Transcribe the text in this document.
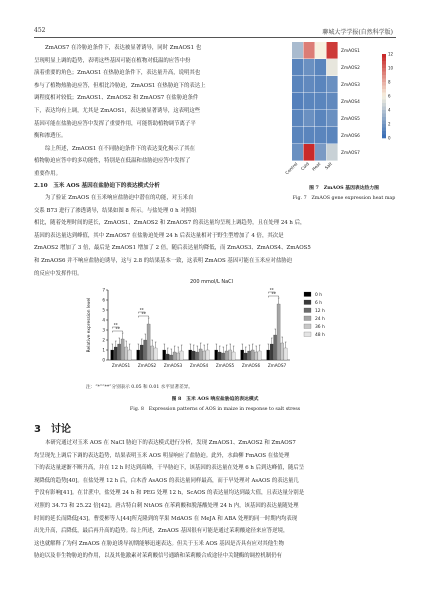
452	聊城大学学报(自然科学版)
ZmAOS7 在冷胁迫条件下，表达被显著诱导，同时 ZmAOS1 也
呈现明显上调的趋势，表明这些基因可能在植物对低温的应答中扮
演着重要的角色；ZmAOS1 在热胁迫条件下，表达量升高，说明其也
参与了植物热胁迫应答，但相比冷胁迫，ZmAOS1 在热胁迫下的表达上
调程度相对较低；ZmAOS1、ZmAOS2 和 ZmAOS7 在盐胁迫条件
下，表达均有上调，尤其是 ZmAOS1，表达被显著诱导，这表明这些
基因可能在盐胁迫应答中发挥了重要作用，可能帮助植物调节离子平
衡和渗透压。
综上所述，ZmAOS1 在不同胁迫条件下的表达变化揭示了其在
植物胁迫应答中的多功能性，特别是在低温和盐胁迫应答中发挥了
重要作用。
ZmAOS1
ZmAOS2
ZmAOS3
ZmAOS4
ZmAOS5
ZmAOS6
ZmAOS7
Control Cold Heat Salt
12
10
8
6
4
2
0
图 7　ZmAOS 基因表达热力图
Fig. 7　ZmAOS gene expression heat map
2.10　玉米 AOS 基因在盐胁迫下的表达模式分析
为了验证 ZmAOS 在玉米响应盐胁迫中潜在的功能，对玉米自
交系 B73 进行了渗透诱导，结果如图 8 所示。与盐处理 0 h 对照组
相比，随着处理时间的延长，ZmAOS1、ZmAOS2 和 ZmAOS7 的表达量均呈现上调趋势，且在处理 24 h 后，
基因的表达量达到峰值，其中 ZmAOS7 在盐胁迫处理 24 h 后表达量相对于野生型增加了 4 倍，其次是
ZmAOS2 增加了 3 倍，最后是 ZmAOS1 增加了 2 倍，随后表达量均降低，而 ZmAOS3、ZmAOS4、ZmAOS5
和 ZmAOS6 并不响应盐胁迫诱导，这与 2.8 的结果基本一致，这表明 ZmAOS 基因可能在玉米应对盐胁迫
的反应中发挥作用。
200 mmol/L NaCl
0
1
2
3
4
5
6
7
Relative expression level	**
**
**
**
**
**
ZmAOS1 ZmAOS2 ZmAOS3 ZmAOS4 ZmAOS5 ZmAOS6 ZmAOS7
0 h
6 h
12 h
24 h
36 h
48 h
注：“*”“**”分别表示 0.05 和 0.01 水平显著差异。
图 8　玉米 AOS 响应盐胁迫的表达模式
Fig. 8　Expression patterns of AOS in maize in response to salt stress
3　讨论
本研究通过对玉米 AOS 在 NaCl 胁迫下的表达模式进行分析，发现 ZmAOS1、ZmAOS2 和 ZmAOS7
均呈现先上调后下调的表达趋势，结果表明玉米 AOS 明显响应了盐胁迫。此外，水曲柳 FmAOS 在盐处理
下的表达量逐渐不断升高，并在 12 h 时达到高峰，干旱胁迫下，该基因的表达量在处理 6 h 后到达峰值，随后呈
现降低的趋势[40]。在盐处理 12 h 后，白木香 AsAOS 的表达量同样最高，而于旱处理对 AsAOS 的表达量几
乎没有影响[41]。在甘蔗中，盐处理 24 h 和 PEG 处理 12 h，ScAOS 的表达量均达到最大值，且表达量分别是
对照的 34.73 和 25.22 倍[42]。唐古特白刺 NtAOS 在苯莉酸和脱落酸处理 24 h 内，该基因的表达量随处理
时间的延长而降低[43]。曹爱彬等人[44]所克隆到的苹果 MdAOS 在 MeJA 和 ABA 处理的同一时期内均表现
出先升高，后降低，最后再升高的趋势。综上所述，ZmAOS 基因很有可能是通过茉莉酸途径来应答逆境，
这也就解释了为何 ZmAOS 在胁迫诱导初期能够迅速表达。但关于玉米 AOS 基因是否具有应对其他生物
胁迫以及非生物胁迫的作用，以及其他激素对茉莉酸信号通路和茉莉酸合成途径中关键酶的调控机制仍有
